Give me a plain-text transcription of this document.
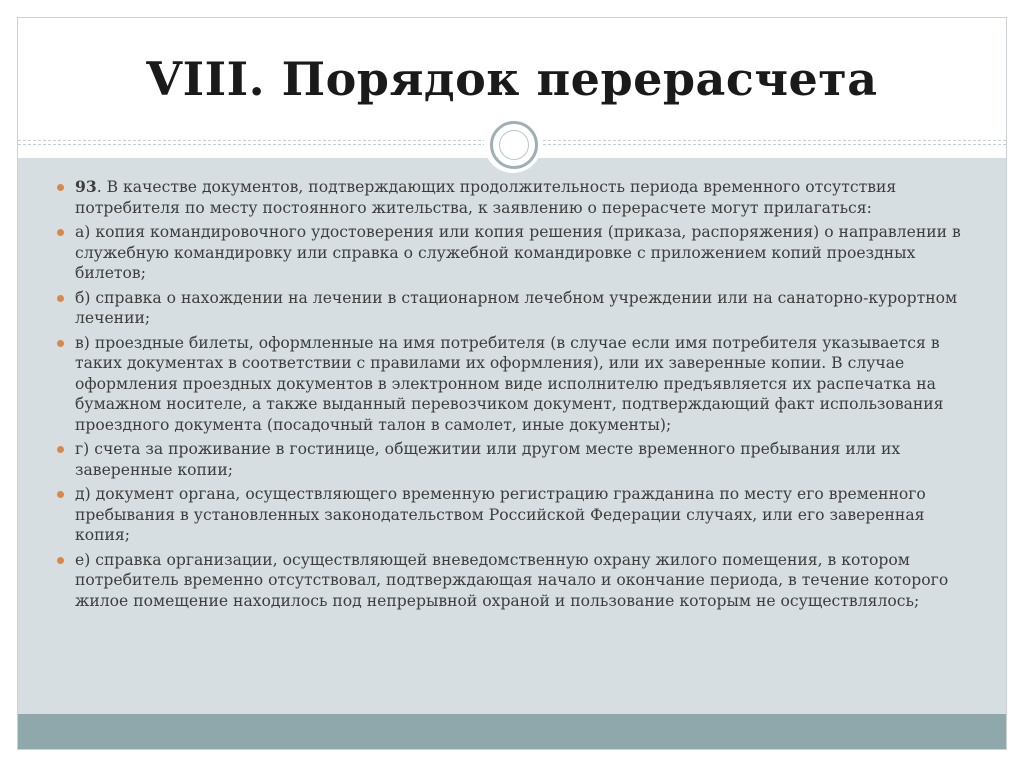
VIII. Порядок перерасчета
93. В качестве документов, подтверждающих продолжительность периода временного отсутствия потребителя по месту постоянного жительства, к заявлению о перерасчете могут прилагаться:
а) копия командировочного удостоверения или копия решения (приказа, распоряжения) о направлении в служебную командировку или справка о служебной командировке с приложением копий проездных билетов;
б) справка о нахождении на лечении в стационарном лечебном учреждении или на санаторно-курортном лечении;
в) проездные билеты, оформленные на имя потребителя (в случае если имя потребителя указывается в таких документах в соответствии с правилами их оформления), или их заверенные копии. В случае оформления проездных документов в электронном виде исполнителю предъявляется их распечатка на бумажном носителе, а также выданный перевозчиком документ, подтверждающий факт использования проездного документа (посадочный талон в самолет, иные документы);
г) счета за проживание в гостинице, общежитии или другом месте временного пребывания или их заверенные копии;
д) документ органа, осуществляющего временную регистрацию гражданина по месту его временного пребывания в установленных законодательством Российской Федерации случаях, или его заверенная копия;
е) справка организации, осуществляющей вневедомственную охрану жилого помещения, в котором потребитель временно отсутствовал, подтверждающая начало и окончание периода, в течение которого жилое помещение находилось под непрерывной охраной и пользование которым не осуществлялось;
